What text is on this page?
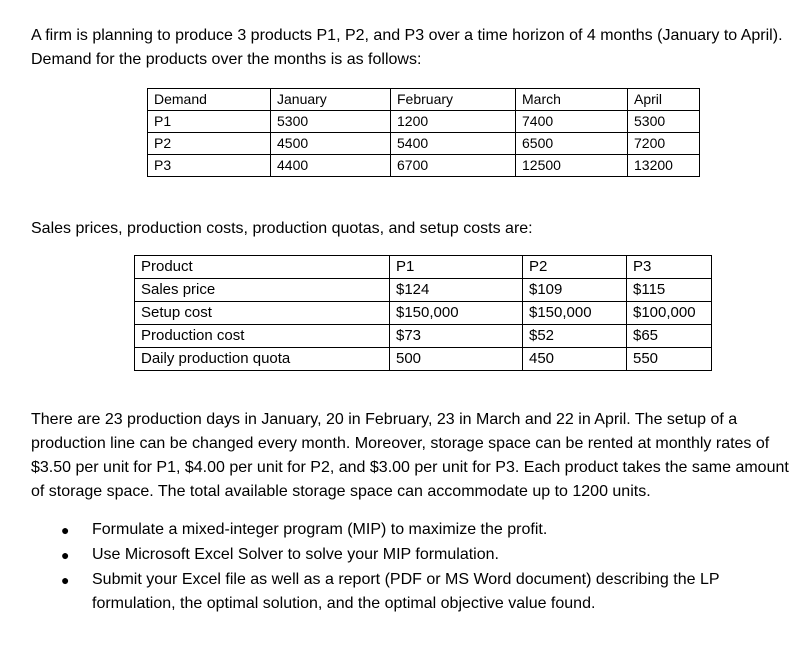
A firm is planning to produce 3 products P1, P2, and P3 over a time horizon of 4 months (January to April). Demand for the products over the months is as follows:

Demand	January	February	March	April
P1	5300	1200	7400	5300
P2	4500	5400	6500	7200
P3	4400	6700	12500	13200

Sales prices, production costs, production quotas, and setup costs are:

Product	P1	P2	P3
Sales price	$124	$109	$115
Setup cost	$150,000	$150,000	$100,000
Production cost	$73	$52	$65
Daily production quota	500	450	550

There are 23 production days in January, 20 in February, 23 in March and 22 in April. The setup of a production line can be changed every month. Moreover, storage space can be rented at monthly rates of $3.50 per unit for P1, $4.00 per unit for P2, and $3.00 per unit for P3. Each product takes the same amount of storage space. The total available storage space can accommodate up to 1200 units.

● Formulate a mixed-integer program (MIP) to maximize the profit.
● Use Microsoft Excel Solver to solve your MIP formulation.
● Submit your Excel file as well as a report (PDF or MS Word document) describing the LP formulation, the optimal solution, and the optimal objective value found.
